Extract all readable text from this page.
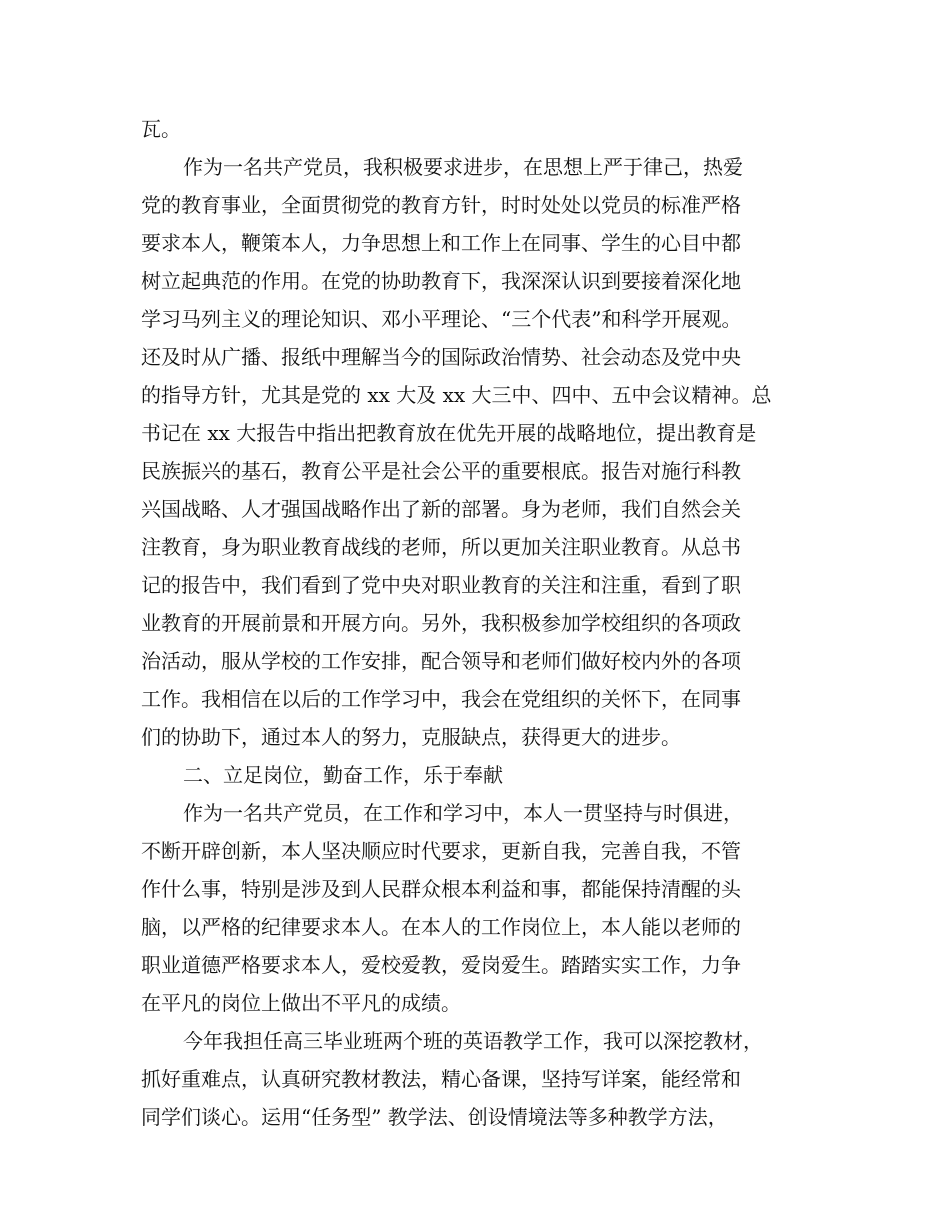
瓦。
作为一名共产党员，我积极要求进步，在思想上严于律己，热爱
党的教育事业，全面贯彻党的教育方针，时时处处以党员的标准严格
要求本人，鞭策本人，力争思想上和工作上在同事、学生的心目中都
树立起典范的作用。在党的协助教育下，我深深认识到要接着深化地
学习马列主义的理论知识、邓小平理论、“三个代表”和科学开展观。
还及时从广播、报纸中理解当今的国际政治情势、社会动态及党中央
的指导方针，尤其是党的 xx 大及 xx 大三中、四中、五中会议精神。总
书记在 xx 大报告中指出把教育放在优先开展的战略地位，提出教育是
民族振兴的基石，教育公平是社会公平的重要根底。报告对施行科教
兴国战略、人才强国战略作出了新的部署。身为老师，我们自然会关
注教育，身为职业教育战线的老师，所以更加关注职业教育。从总书
记的报告中，我们看到了党中央对职业教育的关注和注重，看到了职
业教育的开展前景和开展方向。另外，我积极参加学校组织的各项政
治活动，服从学校的工作安排，配合领导和老师们做好校内外的各项
工作。我相信在以后的工作学习中，我会在党组织的关怀下，在同事
们的协助下，通过本人的努力，克服缺点，获得更大的进步。
二、立足岗位，勤奋工作，乐于奉献
作为一名共产党员，在工作和学习中，本人一贯坚持与时俱进，
不断开辟创新，本人坚决顺应时代要求，更新自我，完善自我，不管
作什么事，特别是涉及到人民群众根本利益和事，都能保持清醒的头
脑，以严格的纪律要求本人。在本人的工作岗位上，本人能以老师的
职业道德严格要求本人，爱校爱教，爱岗爱生。踏踏实实工作，力争
在平凡的岗位上做出不平凡的成绩。
今年我担任高三毕业班两个班的英语教学工作，我可以深挖教材，
抓好重难点，认真研究教材教法，精心备课，坚持写详案，能经常和
同学们谈心。运用“任务型” 教学法、创设情境法等多种教学方法，
